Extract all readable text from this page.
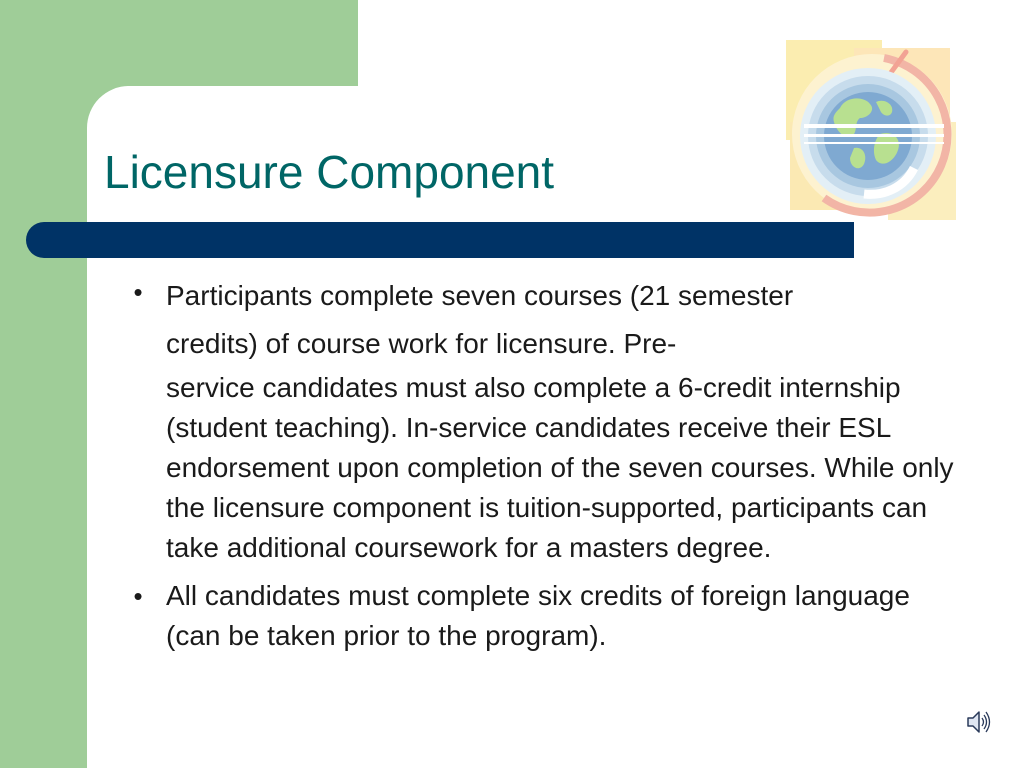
Licensure Component
• Participants complete seven courses (21 semester
credits) of course work for licensure. Pre-
service candidates must also complete a 6-credit internship (student teaching). In-service candidates receive their ESL endorsement upon completion of the seven courses. While only the licensure component is tuition-supported, participants can take additional coursework for a masters degree.
• All candidates must complete six credits of foreign language (can be taken prior to the program).
